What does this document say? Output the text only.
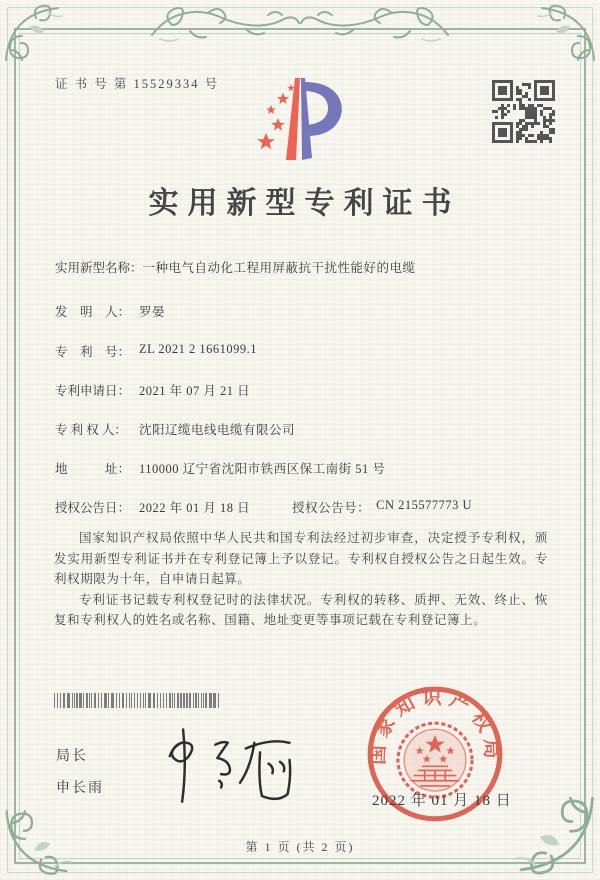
证 书 号 第 15529334 号
实用新型专利证书
实用新型名称： 一种电气自动化工程用屏蔽抗干扰性能好的电缆
发　明　人： 罗晏
专　利　号： ZL 2021 2 1661099.1
专利申请日： 2021 年 07 月 21 日
专 利 权 人： 沈阳辽缆电线电缆有限公司
地　　　址： 110000 辽宁省沈阳市铁西区保工南街 51 号
授权公告日： 2022 年 01 月 18 日	授权公告号： CN 215577773 U

国家知识产权局依照中华人民共和国专利法经过初步审查，决定授予专利权，颁发实用新型专利证书并在专利登记簿上予以登记。专利权自授权公告之日起生效。专利权期限为十年，自申请日起算。

专利证书记载专利权登记时的法律状况。专利权的转移、质押、无效、终止、恢复和专利权人的姓名或名称、国籍、地址变更等事项记载在专利登记簿上。

局长
申长雨
国家知识产权局
2022 年 01 月 18 日
第 1 页 (共 2 页)
